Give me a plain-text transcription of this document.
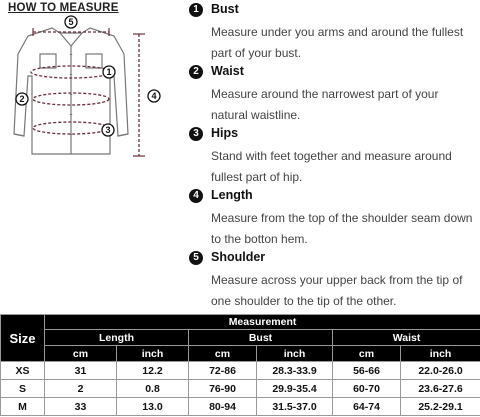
HOW TO MEASURE
5
1
2
3
4
1 Bust
Measure under you arms and around the fullest part of your bust.
2 Waist
Measure around the narrowest part of your natural waistline.
3 Hips
Stand with feet together and measure around fullest part of hip.
4 Length
Measure from the top of the shoulder seam down to the botton hem.
5 Shoulder
Measure across your upper back from the tip of one shoulder to the tip of the other.
Size	Measurement					
	Length		Bust		Waist	
	cm	inch	cm	inch	cm	inch
XS	31	12.2	72-86	28.3-33.9	56-66	22.0-26.0
S	2	0.8	76-90	29.9-35.4	60-70	23.6-27.6
M	33	13.0	80-94	31.5-37.0	64-74	25.2-29.1
